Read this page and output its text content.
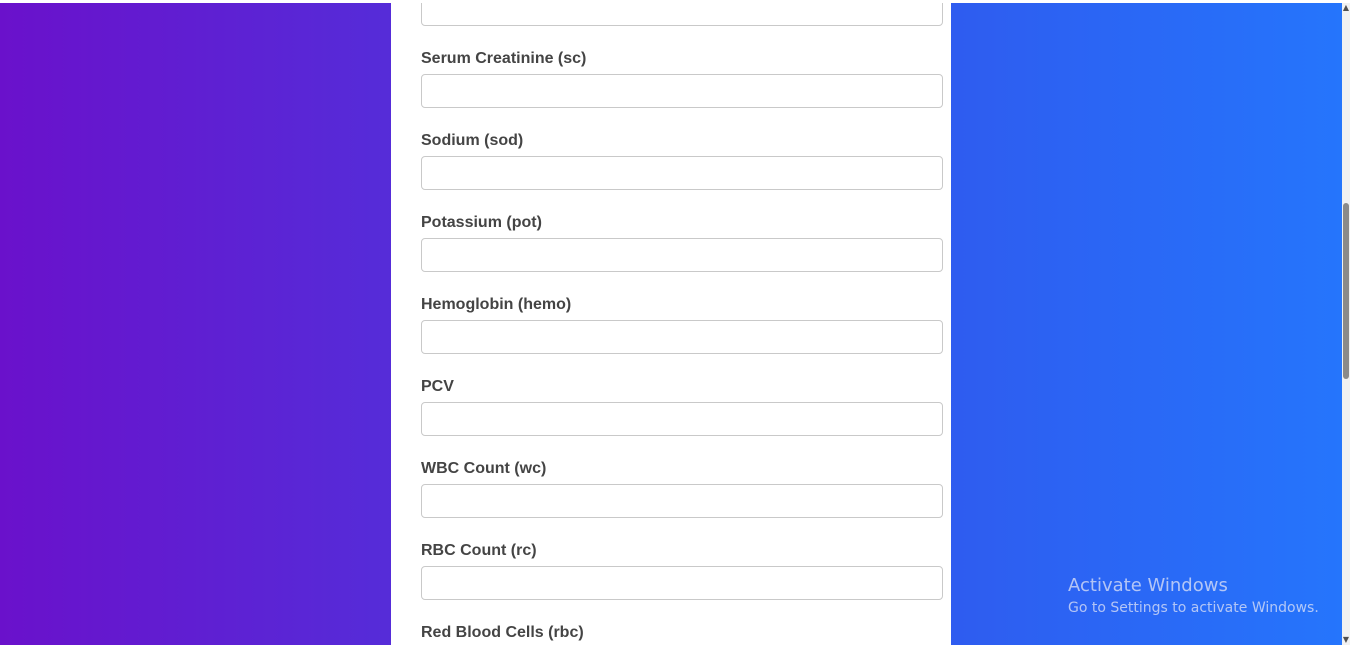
Serum Creatinine (sc)
Sodium (sod)
Potassium (pot)
Hemoglobin (hemo)
PCV
WBC Count (wc)
RBC Count (rc)
Red Blood Cells (rbc)
Activate Windows
Go to Settings to activate Windows.
▲
▼
